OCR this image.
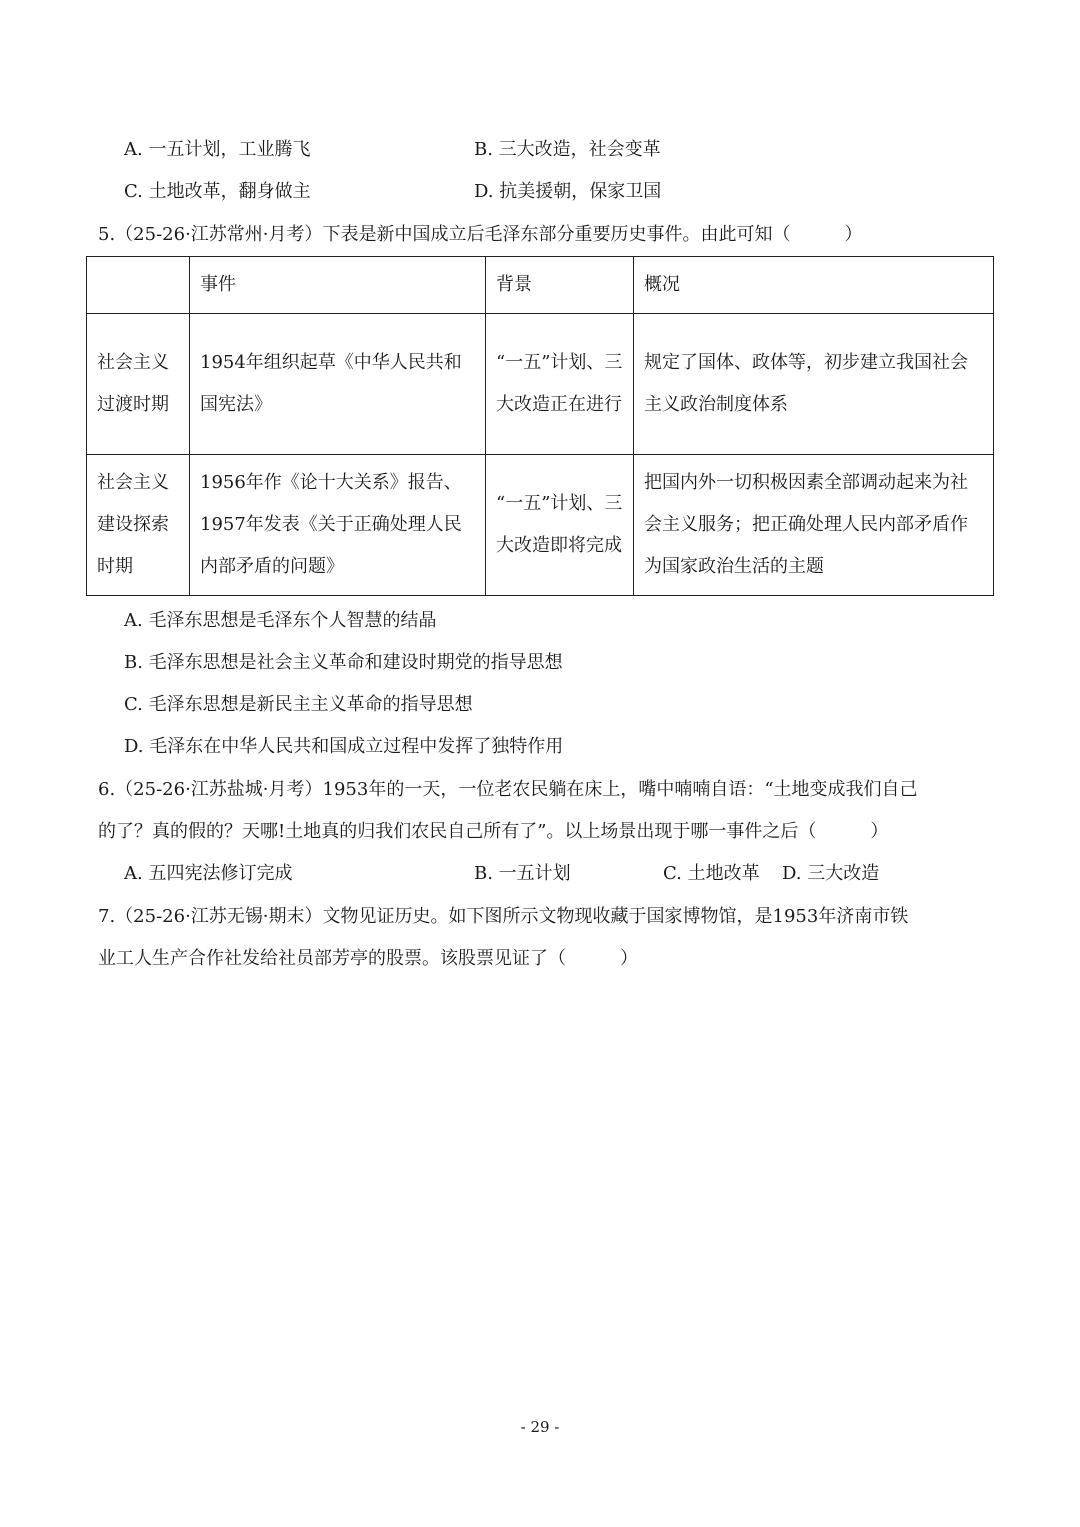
A. 一五计划，工业腾飞	B. 三大改造，社会变革
C. 土地改革，翻身做主	D. 抗美援朝，保家卫国
5.（25-26·江苏常州·月考）下表是新中国成立后毛泽东部分重要历史事件。由此可知（　　　）
	事件	背景	概况
社会主义过渡时期	1954年组织起草《中华人民共和国宪法》	“一五”计划、三大改造正在进行	规定了国体、政体等，初步建立我国社会主义政治制度体系
社会主义建设探索时期	1956年作《论十大关系》报告、1957年发表《关于正确处理人民内部矛盾的问题》	“一五”计划、三大改造即将完成	把国内外一切积极因素全部调动起来为社会主义服务；把正确处理人民内部矛盾作为国家政治生活的主题
A. 毛泽东思想是毛泽东个人智慧的结晶
B. 毛泽东思想是社会主义革命和建设时期党的指导思想
C. 毛泽东思想是新民主主义革命的指导思想
D. 毛泽东在中华人民共和国成立过程中发挥了独特作用
6.（25-26·江苏盐城·月考）1953年的一天，一位老农民躺在床上，嘴中喃喃自语：“土地变成我们自己
的了？真的假的？天哪!土地真的归我们农民自己所有了”。以上场景出现于哪一事件之后（　　　）
A. 五四宪法修订完成	B. 一五计划	C. 土地改革 D. 三大改造
7.（25-26·江苏无锡·期末）文物见证历史。如下图所示文物现收藏于国家博物馆，是1953年济南市铁
业工人生产合作社发给社员部芳亭的股票。该股票见证了（　　　）
- 29 -
